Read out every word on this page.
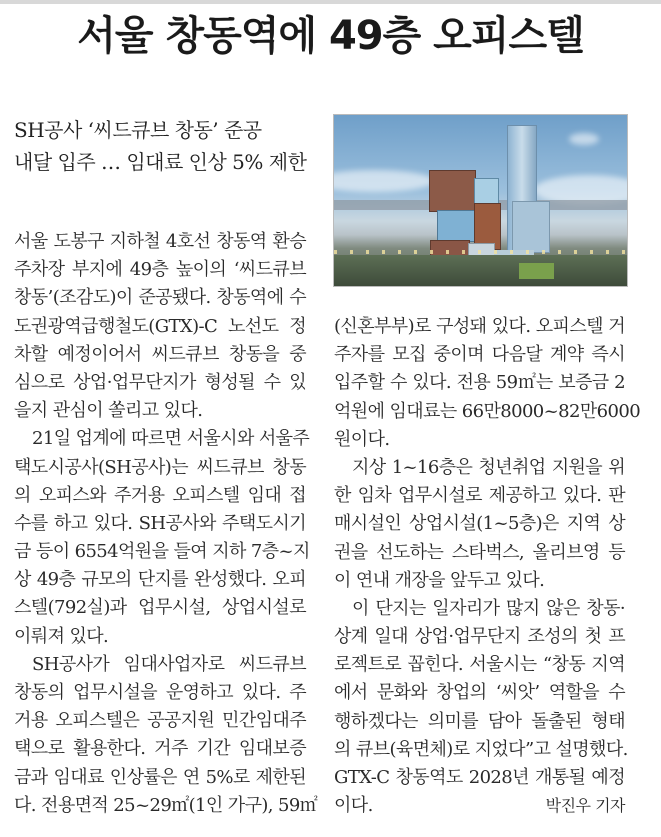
서울 창동역에 49층 오피스텔
SH공사 ‘씨드큐브 창동’ 준공
내달 입주 … 임대료 인상 5% 제한
서울 도봉구 지하철 4호선 창동역 환승
주차장 부지에 49층 높이의 ‘씨드큐브
창동’(조감도)이 준공됐다. 창동역에 수
도권광역급행철도(GTX)-C 노선도 정
차할 예정이어서 씨드큐브 창동을 중
심으로 상업·업무단지가 형성될 수 있
을지 관심이 쏠리고 있다.
21일 업계에 따르면 서울시와 서울주
택도시공사(SH공사)는 씨드큐브 창동
의 오피스와 주거용 오피스텔 임대 접
수를 하고 있다. SH공사와 주택도시기
금 등이 6554억원을 들여 지하 7층~지
상 49층 규모의 단지를 완성했다. 오피
스텔(792실)과 업무시설, 상업시설로
이뤄져 있다.
SH공사가 임대사업자로 씨드큐브
창동의 업무시설을 운영하고 있다. 주
거용 오피스텔은 공공지원 민간임대주
택으로 활용한다. 거주 기간 임대보증
금과 임대료 인상률은 연 5%로 제한된
다. 전용면적 25~29㎡(1인 가구), 59㎡
(신혼부부)로 구성돼 있다. 오피스텔 거
주자를 모집 중이며 다음달 계약 즉시
입주할 수 있다. 전용 59㎡는 보증금 2
억원에 임대료는 66만8000~82만6000
원이다.
지상 1~16층은 청년취업 지원을 위
한 임차 업무시설로 제공하고 있다. 판
매시설인 상업시설(1~5층)은 지역 상
권을 선도하는 스타벅스, 올리브영 등
이 연내 개장을 앞두고 있다.
이 단지는 일자리가 많지 않은 창동·
상계 일대 상업·업무단지 조성의 첫 프
로젝트로 꼽힌다. 서울시는 “창동 지역
에서 문화와 창업의 ‘씨앗’ 역할을 수
행하겠다는 의미를 담아 돌출된 형태
의 큐브(육면체)로 지었다”고 설명했다.
GTX-C 창동역도 2028년 개통될 예정
이다.	박진우 기자
